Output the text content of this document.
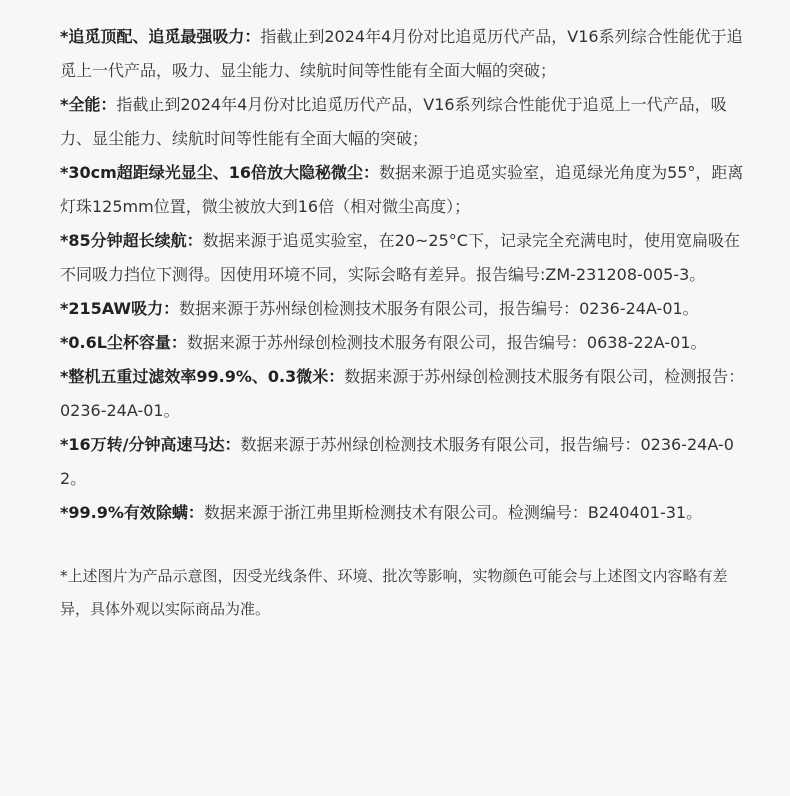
*追觅顶配、追觅最强吸力：指截止到2024年4月份对比追觅历代产品，V16系列综合性能优于追觅上一代产品，吸力、显尘能力、续航时间等性能有全面大幅的突破；
*全能：指截止到2024年4月份对比追觅历代产品，V16系列综合性能优于追觅上一代产品，吸力、显尘能力、续航时间等性能有全面大幅的突破；
*30cm超距绿光显尘、16倍放大隐秘微尘：数据来源于追觅实验室，追觅绿光角度为55°，距离灯珠125mm位置，微尘被放大到16倍（相对微尘高度）；
*85分钟超长续航：数据来源于追觅实验室，在20~25°C下，记录完全充满电时，使用宽扁吸在不同吸力挡位下测得。因使用环境不同，实际会略有差异。报告编号:ZM-231208-005-3。
*215AW吸力：数据来源于苏州绿创检测技术服务有限公司，报告编号：0236-24A-01。
*0.6L尘杯容量：数据来源于苏州绿创检测技术服务有限公司，报告编号：0638-22A-01。
*整机五重过滤效率99.9%、0.3微米：数据来源于苏州绿创检测技术服务有限公司，检测报告：0236-24A-01。
*16万转/分钟高速马达：数据来源于苏州绿创检测技术服务有限公司，报告编号：0236-24A-02。
*99.9%有效除螨：数据来源于浙江弗里斯检测技术有限公司。检测编号：B240401-31。

*上述图片为产品示意图，因受光线条件、环境、批次等影响，实物颜色可能会与上述图文内容略有差异，具体外观以实际商品为准。
